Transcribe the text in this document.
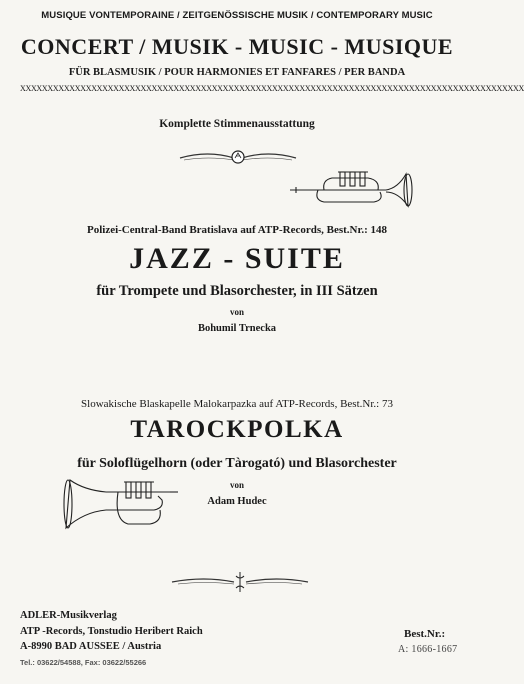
MUSIQUE VONTEMPORAINE / ZEITGENÖSSISCHE MUSIK / CONTEMPORARY MUSIC
CONCERT / MUSIK - MUSIC - MUSIQUE
FÜR BLASMUSIK / POUR HARMONIES ET FANFARES / PER BANDA
XXXXXXXXXXXXXXXXXXXXXXXXXXXXXXXXXXXXXXXXXXXXXXXXXXXXXXXXXXXXXXXXXXXXXXXXXXXXXXXXXXXXXXXXXXXX
Komplette Stimmenausstattung
Polizei-Central-Band Bratislava auf ATP-Records, Best.Nr.: 148
JAZZ - SUITE
für Trompete und Blasorchester, in III Sätzen
von
Bohumil Trnecka
Slowakische Blaskapelle Malokarpazka auf ATP-Records, Best.Nr.: 73
TAROCKPOLKA
für Soloflügelhorn (oder Tàrogató) und Blasorchester
von
Adam Hudec
ADLER-Musikverlag
ATP -Records, Tonstudio Heribert Raich
A-8990 BAD AUSSEE / Austria
Tel.: 03622/54588, Fax: 03622/55266
Best.Nr.:
A: 1666-1667
